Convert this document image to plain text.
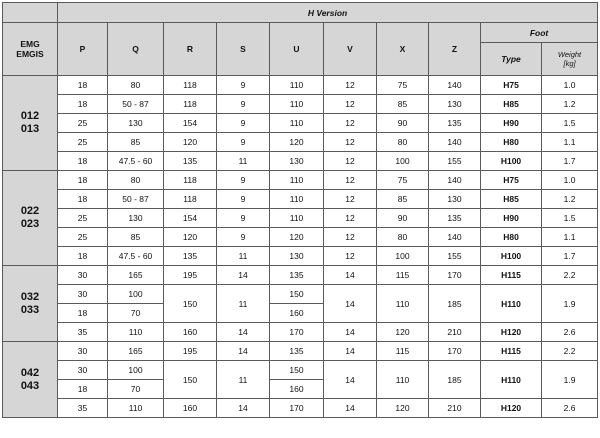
	H Version									

EMG
EMGIS	P	Q	R	S	U	V	X	Z	Foot	
									Type	Weight
[kg]

012
013	18	80	118	9	110	12	75	140	H75	1.0
	18	50 - 87	118	9	110	12	85	130	H85	1.2
	25	130	154	9	110	12	90	135	H90	1.5
	25	85	120	9	120	12	80	140	H80	1.1
	18	47.5 - 60	135	11	130	12	100	155	H100	1.7

022
023	18	80	118	9	110	12	75	140	H75	1.0
	18	50 - 87	118	9	110	12	85	130	H85	1.2
	25	130	154	9	110	12	90	135	H90	1.5
	25	85	120	9	120	12	80	140	H80	1.1
	18	47.5 - 60	135	11	130	12	100	155	H100	1.7

032
033	30	165	195	14	135	14	115	170	H115	2.2
	30	100	150	11	150	14	110	185	H110	1.9
	18	70			160					
	35	110	160	14	170	14	120	210	H120	2.6

042
043	30	165	195	14	135	14	115	170	H115	2.2
	30	100	150	11	150	14	110	185	H110	1.9
	18	70			160					
	35	110	160	14	170	14	120	210	H120	2.6
